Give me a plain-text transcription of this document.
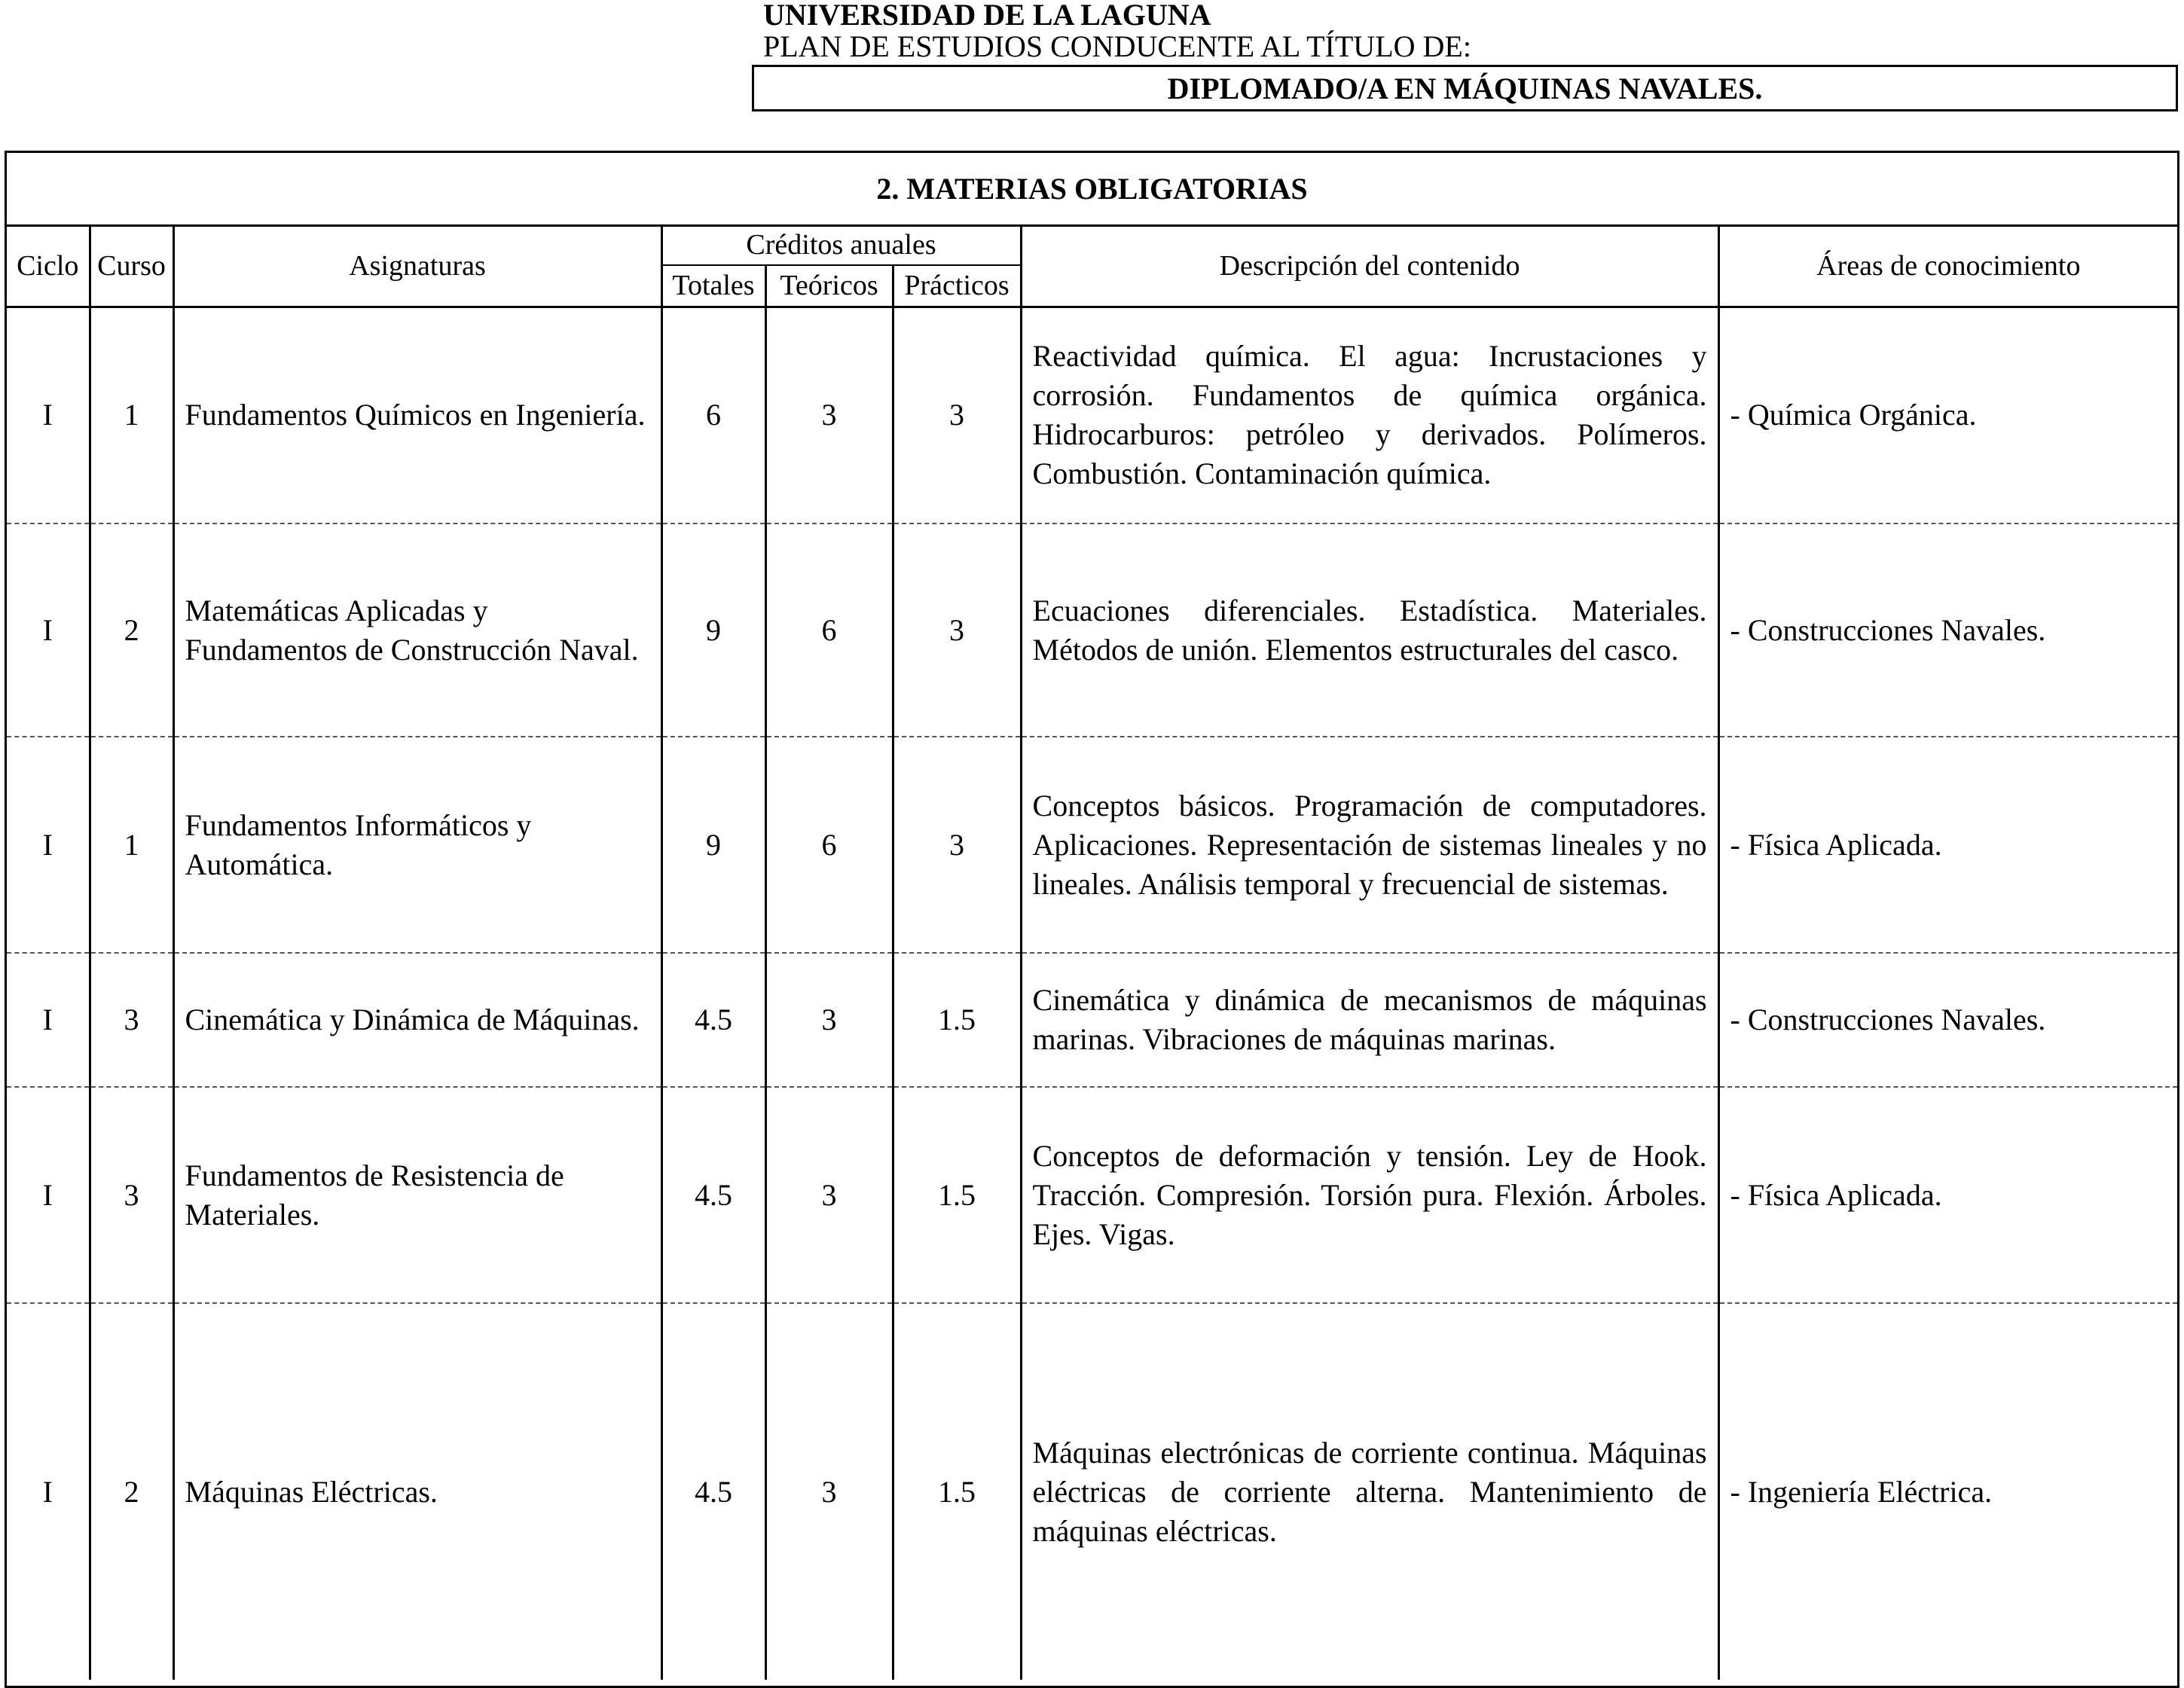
UNIVERSIDAD DE LA LAGUNA
PLAN DE ESTUDIOS CONDUCENTE AL TÍTULO DE:
DIPLOMADO/A EN MÁQUINAS NAVALES.
2. MATERIAS OBLIGATORIAS
Ciclo	Curso	Asignaturas	Créditos anuales			Descripción del contenido	Áreas de conocimiento
			Totales	Teóricos	Prácticos		
I	1	Fundamentos Químicos en Ingeniería.	6	3	3	Reactividad química. El agua: Incrustaciones y corrosión. Fundamentos de química orgánica. Hidrocarburos: petróleo y derivados. Polímeros. Combustión. Contaminación química.	- Química Orgánica.
I	2	Matemáticas Aplicadas y Fundamentos de Construcción Naval.	9	6	3	Ecuaciones diferenciales. Estadística. Materiales. Métodos de unión. Elementos estructurales del casco.	- Construcciones Navales.
I	1	Fundamentos Informáticos y Automática.	9	6	3	Conceptos básicos. Programación de computadores. Aplicaciones. Representación de sistemas lineales y no lineales. Análisis temporal y frecuencial de sistemas.	- Física Aplicada.
I	3	Cinemática y Dinámica de Máquinas.	4.5	3	1.5	Cinemática y dinámica de mecanismos de máquinas marinas. Vibraciones de máquinas marinas.	- Construcciones Navales.
I	3	Fundamentos de Resistencia de Materiales.	4.5	3	1.5	Conceptos de deformación y tensión. Ley de Hook. Tracción. Compresión. Torsión pura. Flexión. Árboles. Ejes. Vigas.	- Física Aplicada.
I	2	Máquinas Eléctricas.	4.5	3	1.5	Máquinas electrónicas de corriente continua. Máquinas eléctricas de corriente alterna. Mantenimiento de máquinas eléctricas.	- Ingeniería Eléctrica.
